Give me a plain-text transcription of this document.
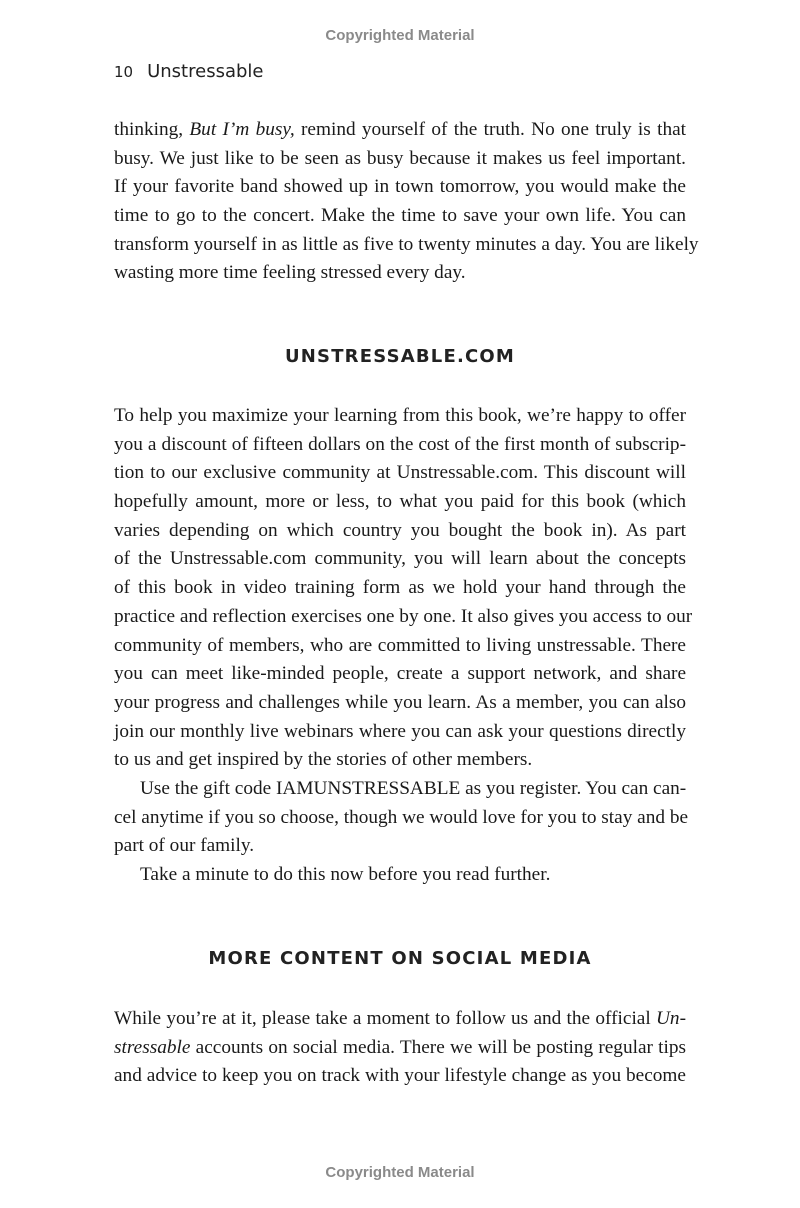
Copyrighted Material
10 Unstressable
thinking, But I’m busy, remind yourself of the truth. No one truly is that
busy. We just like to be seen as busy because it makes us feel important.
If your favorite band showed up in town tomorrow, you would make the
time to go to the concert. Make the time to save your own life. You can
transform yourself in as little as five to twenty minutes a day. You are likely
wasting more time feeling stressed every day.
UNSTRESSABLE.COM
To help you maximize your learning from this book, we’re happy to offer
you a discount of fifteen dollars on the cost of the first month of subscrip-
tion to our exclusive community at Unstressable.com. This discount will
hopefully amount, more or less, to what you paid for this book (which
varies depending on which country you bought the book in). As part
of the Unstressable.com community, you will learn about the concepts
of this book in video training form as we hold your hand through the
practice and reflection exercises one by one. It also gives you access to our
community of members, who are committed to living unstressable. There
you can meet like-minded people, create a support network, and share
your progress and challenges while you learn. As a member, you can also
join our monthly live webinars where you can ask your questions directly
to us and get inspired by the stories of other members.
Use the gift code IAMUNSTRESSABLE as you register. You can can-
cel anytime if you so choose, though we would love for you to stay and be
part of our family.
Take a minute to do this now before you read further.
MORE CONTENT ON SOCIAL MEDIA
While you’re at it, please take a moment to follow us and the official Un-
stressable accounts on social media. There we will be posting regular tips
and advice to keep you on track with your lifestyle change as you become
Copyrighted Material
